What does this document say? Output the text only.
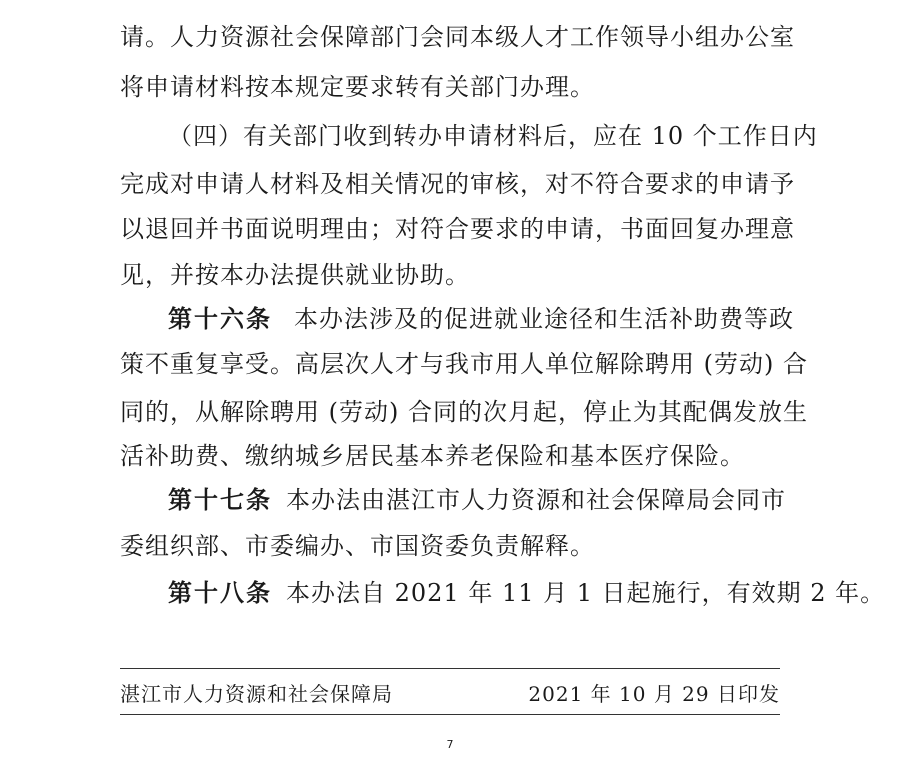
请。人力资源社会保障部门会同本级人才工作领导小组办公室
将申请材料按本规定要求转有关部门办理。
（四）有关部门收到转办申请材料后，应在 10 个工作日内
完成对申请人材料及相关情况的审核，对不符合要求的申请予
以退回并书面说明理由；对符合要求的申请，书面回复办理意
见，并按本办法提供就业协助。
第十六条 本办法涉及的促进就业途径和生活补助费等政
策不重复享受。高层次人才与我市用人单位解除聘用 (劳动) 合
同的，从解除聘用 (劳动) 合同的次月起，停止为其配偶发放生
活补助费、缴纳城乡居民基本养老保险和基本医疗保险。
第十七条 本办法由湛江市人力资源和社会保障局会同市
委组织部、市委编办、市国资委负责解释。
第十八条 本办法自 2021 年 11 月 1 日起施行，有效期 2 年。
湛江市人力资源和社会保障局	2021 年 10 月 29 日印发
7
